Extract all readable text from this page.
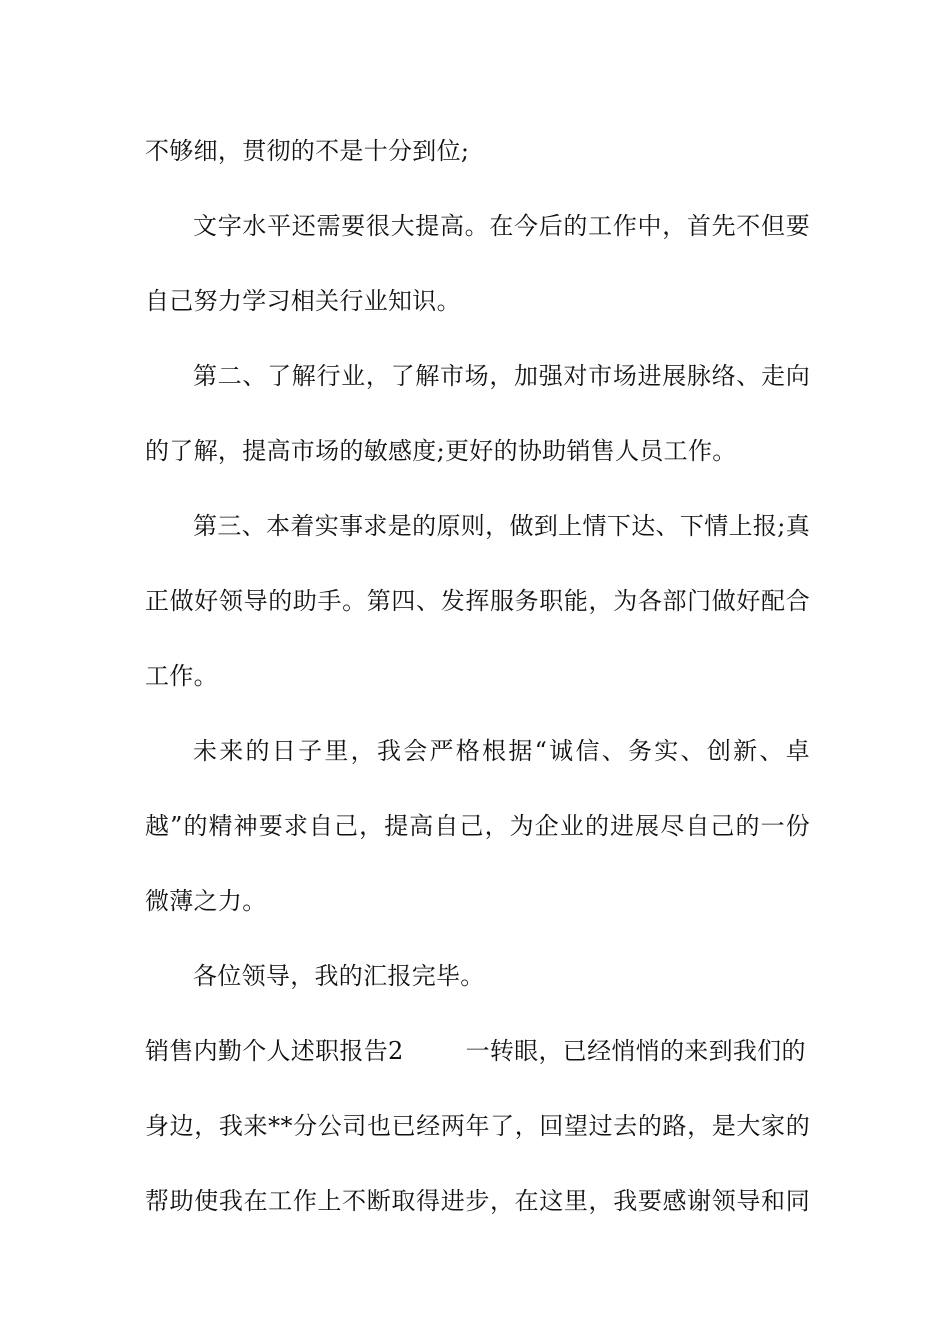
不够细，贯彻的不是十分到位;
文字水平还需要很大提高。在今后的工作中，首先不但要
自己努力学习相关行业知识。
第二、了解行业，了解市场，加强对市场进展脉络、走向
的了解，提高市场的敏感度;更好的协助销售人员工作。
第三、本着实事求是的原则，做到上情下达、下情上报;真
正做好领导的助手。第四、发挥服务职能，为各部门做好配合
工作。
未来的日子里，我会严格根据“诚信、务实、创新、卓
越”的精神要求自己，提高自己，为企业的进展尽自己的一份
微薄之力。
各位领导，我的汇报完毕。
销售内勤个人述职报告2	一转眼，已经悄悄的来到我们的
身边，我来**分公司也已经两年了，回望过去的路，是大家的
帮助使我在工作上不断取得进步，在这里，我要感谢领导和同
